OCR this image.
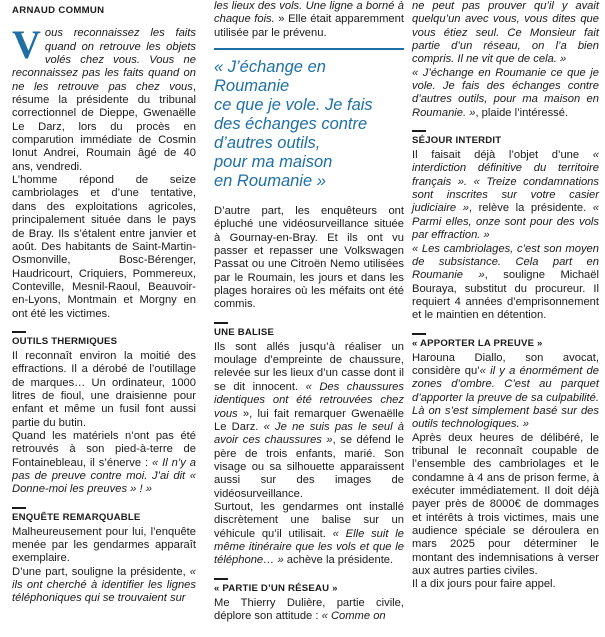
ARNAUD COMMUN

Vous reconnaissez les faits quand on retrouve les objets volés chez vous. Vous ne reconnaissez pas les faits quand on ne les retrouve pas chez vous, résume la présidente du tribunal correctionnel de Dieppe, Gwenaëlle Le Darz, lors du procès en comparution immédiate de Cosmin Ionut Andrei, Roumain âgé de 40 ans, vendredi.

L’homme répond de seize cambriolages et d’une tentative, dans des exploitations agricoles, principalement située dans le pays de Bray. Ils s’étalent entre janvier et août. Des habitants de Saint-Martin-Osmonville, Bosc-Bérenger, Haudricourt, Criquiers, Pommereux, Conteville, Mesnil-Raoul, Beauvoir-en-Lyons, Montmain et Morgny en ont été les victimes.

OUTILS THERMIQUES

Il reconnaît environ la moitié des effractions. Il a dérobé de l’outillage de marques… Un ordinateur, 1000 litres de fioul, une draisienne pour enfant et même un fusil font aussi partie du butin.

Quand les matériels n’ont pas été retrouvés à son pied-à-terre de Fontainebleau, il s’énerve : « Il n’y a pas de preuve contre moi. J’ai dit « Donne-moi les preuves » ! »

ENQUÊTE REMARQUABLE

Malheureusement pour lui, l’enquête menée par les gendarmes apparaît exemplaire.

D’une part, souligne la présidente, « ils ont cherché à identifier les lignes téléphoniques qui se trouvaient sur

les lieux des vols. Une ligne a borné à chaque fois. » Elle était apparemment utilisée par le prévenu.

« J’échange en Roumanie
ce que je vole. Je fais
des échanges contre
d’autres outils,
pour ma maison
en Roumanie »

D’autre part, les enquêteurs ont épluché une vidéosurveillance située à Gournay-en-Bray. Et ils ont vu passer et repasser une Volkswagen Passat ou une Citroën Nemo utilisées par le Roumain, les jours et dans les plages horaires où les méfaits ont été commis.

UNE BALISE

Ils sont allés jusqu’à réaliser un moulage d’empreinte de chaussure, relevée sur les lieux d’un casse dont il se dit innocent. « Des chaussures identiques ont été retrouvées chez vous », lui fait remarquer Gwenaëlle Le Darz. « Je ne suis pas le seul à avoir ces chaussures », se défend le père de trois enfants, marié. Son visage ou sa silhouette apparaissent aussi sur des images de vidéosurveillance.

Surtout, les gendarmes ont installé discrètement une balise sur un véhicule qu’il utilisait. « Elle suit le même itinéraire que les vols et que le téléphone… » achève la présidente.

« PARTIE D’UN RÉSEAU »

Me Thierry Dulière, partie civile, déplore son attitude : « Comme on

ne peut pas prouver qu’il y avait quelqu’un avec vous, vous dites que vous étiez seul. Ce Monsieur fait partie d’un réseau, on l’a bien compris. Il ne vit que de cela. »

« J’échange en Roumanie ce que je vole. Je fais des échanges contre d’autres outils, pour ma maison en Roumanie. », plaide l’intéressé.

SÉJOUR INTERDIT

Il faisait déjà l’objet d’une « interdiction définitive du territoire français ». « Treize condamnations sont inscrites sur votre casier judiciaire », relève la présidente. « Parmi elles, onze sont pour des vols par effraction. »

« Les cambriolages, c’est son moyen de subsistance. Cela part en Roumanie », souligne Michaël Bouraya, substitut du procureur. Il requiert 4 années d’emprisonnement et le maintien en détention.

« APPORTER LA PREUVE »

Harouna Diallo, son avocat, considère qu’« il y a énormément de zones d’ombre. C’est au parquet d’apporter la preuve de sa culpabilité. Là on s’est simplement basé sur des outils technologiques. »

Après deux heures de délibéré, le tribunal le reconnaît coupable de l’ensemble des cambriolages et le condamne à 4 ans de prison ferme, à exécuter immédiatement. Il doit déjà payer près de 8000€ de dommages et intérêts à trois victimes, mais une audience spéciale se déroulera en mars 2025 pour déterminer le montant des indemnisations à verser aux autres parties civiles.

Il a dix jours pour faire appel.
